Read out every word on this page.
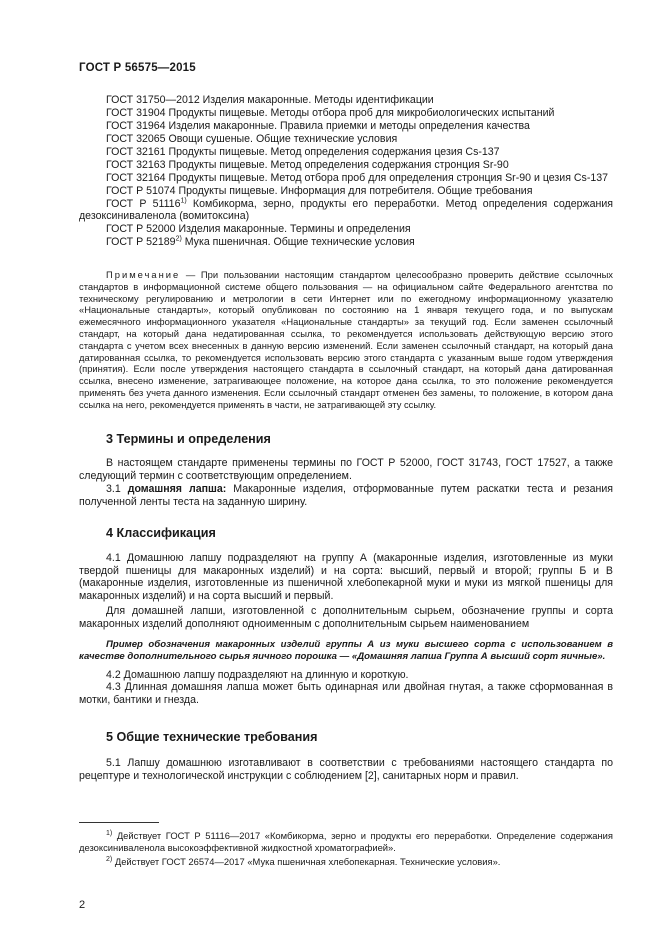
ГОСТ Р 56575—2015

ГОСТ 31750—2012 Изделия макаронные. Методы идентификации

ГОСТ 31904 Продукты пищевые. Методы отбора проб для микробиологических испытаний

ГОСТ 31964 Изделия макаронные. Правила приемки и методы определения качества

ГОСТ 32065 Овощи сушеные. Общие технические условия

ГОСТ 32161 Продукты пищевые. Метод определения содержания цезия Cs-137

ГОСТ 32163 Продукты пищевые. Метод определения содержания стронция Sr-90

ГОСТ 32164 Продукты пищевые. Метод отбора проб для определения стронция Sr-90 и цезия Cs-137

ГОСТ Р 51074 Продукты пищевые. Информация для потребителя. Общие требования

ГОСТ Р 51116$^{1)}$ Комбикорма, зерно, продукты его переработки. Метод определения содержания дезоксиниваленола (вомитоксина)

ГОСТ Р 52000 Изделия макаронные. Термины и определения

ГОСТ Р 52189$^{2)}$ Мука пшеничная. Общие технические условия

Примечание — При пользовании настоящим стандартом целесообразно проверить действие ссылочных стандартов в информационной системе общего пользования — на официальном сайте Федерального агентства по техническому регулированию и метрологии в сети Интернет или по ежегодному информационному указателю «Национальные стандарты», который опубликован по состоянию на 1 января текущего года, и по выпускам ежемесячного информационного указателя «Национальные стандарты» за текущий год. Если заменен ссылочный стандарт, на который дана недатированная ссылка, то рекомендуется использовать действующую версию этого стандарта с учетом всех внесенных в данную версию изменений. Если заменен ссылочный стандарт, на который дана датированная ссылка, то рекомендуется использовать версию этого стандарта с указанным выше годом утверждения (принятия). Если после утверждения настоящего стандарта в ссылочный стандарт, на который дана датированная ссылка, внесено изменение, затрагивающее положение, на которое дана ссылка, то это положение рекомендуется применять без учета данного изменения. Если ссылочный стандарт отменен без замены, то положение, в котором дана ссылка на него, рекомендуется применять в части, не затрагивающей эту ссылку.

3 Термины и определения

В настоящем стандарте применены термины по ГОСТ Р 52000, ГОСТ 31743, ГОСТ 17527, а также следующий термин с соответствующим определением.

3.1 домашняя лапша: Макаронные изделия, отформованные путем раскатки теста и резания полученной ленты теста на заданную ширину.

4 Классификация

4.1 Домашнюю лапшу подразделяют на группу А (макаронные изделия, изготовленные из муки твердой пшеницы для макаронных изделий) и на сорта: высший, первый и второй; группы Б и В (макаронные изделия, изготовленные из пшеничной хлебопекарной муки и муки из мягкой пшеницы для макаронных изделий) и на сорта высший и первый.

Для домашней лапши, изготовленной с дополнительным сырьем, обозначение группы и сорта макаронных изделий дополняют одноименным с дополнительным сырьем наименованием

Пример обозначения макаронных изделий группы А из муки высшего сорта с использованием в качестве дополнительного сырья яичного порошка — «Домашняя лапша Группа А высший сорт яичные».

4.2 Домашнюю лапшу подразделяют на длинную и короткую.

4.3 Длинная домашняя лапша может быть одинарная или двойная гнутая, а также сформованная в мотки, бантики и гнезда.

5 Общие технические требования

5.1 Лапшу домашнюю изготавливают в соответствии с требованиями настоящего стандарта по рецептуре и технологической инструкции с соблюдением [2], санитарных норм и правил.

$^{1)}$ Действует ГОСТ Р 51116—2017 «Комбикорма, зерно и продукты его переработки. Определение содержания дезоксиниваленола высокоэффективной жидкостной хроматографией».

$^{2)}$ Действует ГОСТ 26574—2017 «Мука пшеничная хлебопекарная. Технические условия».

2
